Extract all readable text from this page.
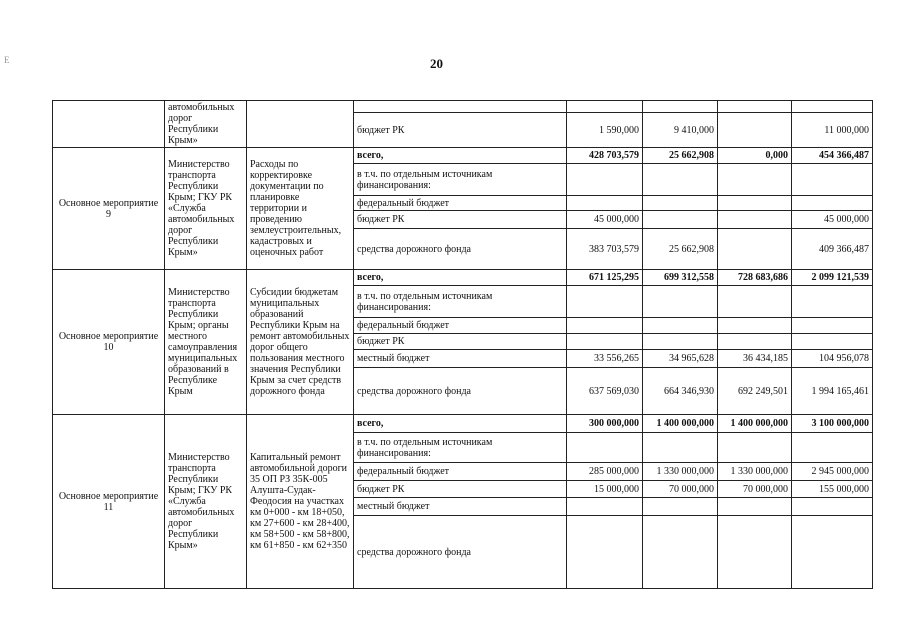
20
Е
	автомобильных дорог Республики Крым»						
			бюджет РК	1 590,000	9 410,000		11 000,000
Основное мероприятие 9	Министерство транспорта Республики Крым; ГКУ РК «Служба автомобильных дорог Республики Крым»	Расходы по корректировке документации по планировке территории и проведению землеустроительных, кадастровых и оценочных работ	всего,	428 703,579	25 662,908	0,000	454 366,487
			в т.ч. по отдельным источникам финансирования:				
			федеральный бюджет				
			бюджет РК	45 000,000			45 000,000
			средства дорожного фонда	383 703,579	25 662,908		409 366,487
Основное мероприятие 10	Министерство транспорта Республики Крым; органы местного самоуправления муниципальных образований в Республике Крым	Субсидии бюджетам муниципальных образований Республики Крым на ремонт автомобильных дорог общего пользования местного значения Республики Крым за счет средств дорожного фонда	всего,	671 125,295	699 312,558	728 683,686	2 099 121,539
			в т.ч. по отдельным источникам финансирования:				
			федеральный бюджет				
			бюджет РК				
			местный бюджет	33 556,265	34 965,628	36 434,185	104 956,078
			средства дорожного фонда	637 569,030	664 346,930	692 249,501	1 994 165,461
Основное мероприятие 11	Министерство транспорта Республики Крым; ГКУ РК «Служба автомобильных дорог Республики Крым»	Капитальный ремонт автомобильной дороги 35 ОП РЗ 35К-005 Алушта-Судак-Феодосия на участках км 0+000 - км 18+050, км 27+600 - км 28+400, км 58+500 - км 58+800, км 61+850 - км 62+350	всего,	300 000,000	1 400 000,000	1 400 000,000	3 100 000,000
			в т.ч. по отдельным источникам финансирования:				
			федеральный бюджет	285 000,000	1 330 000,000	1 330 000,000	2 945 000,000
			бюджет РК	15 000,000	70 000,000	70 000,000	155 000,000
			местный бюджет				
			средства дорожного фонда				
